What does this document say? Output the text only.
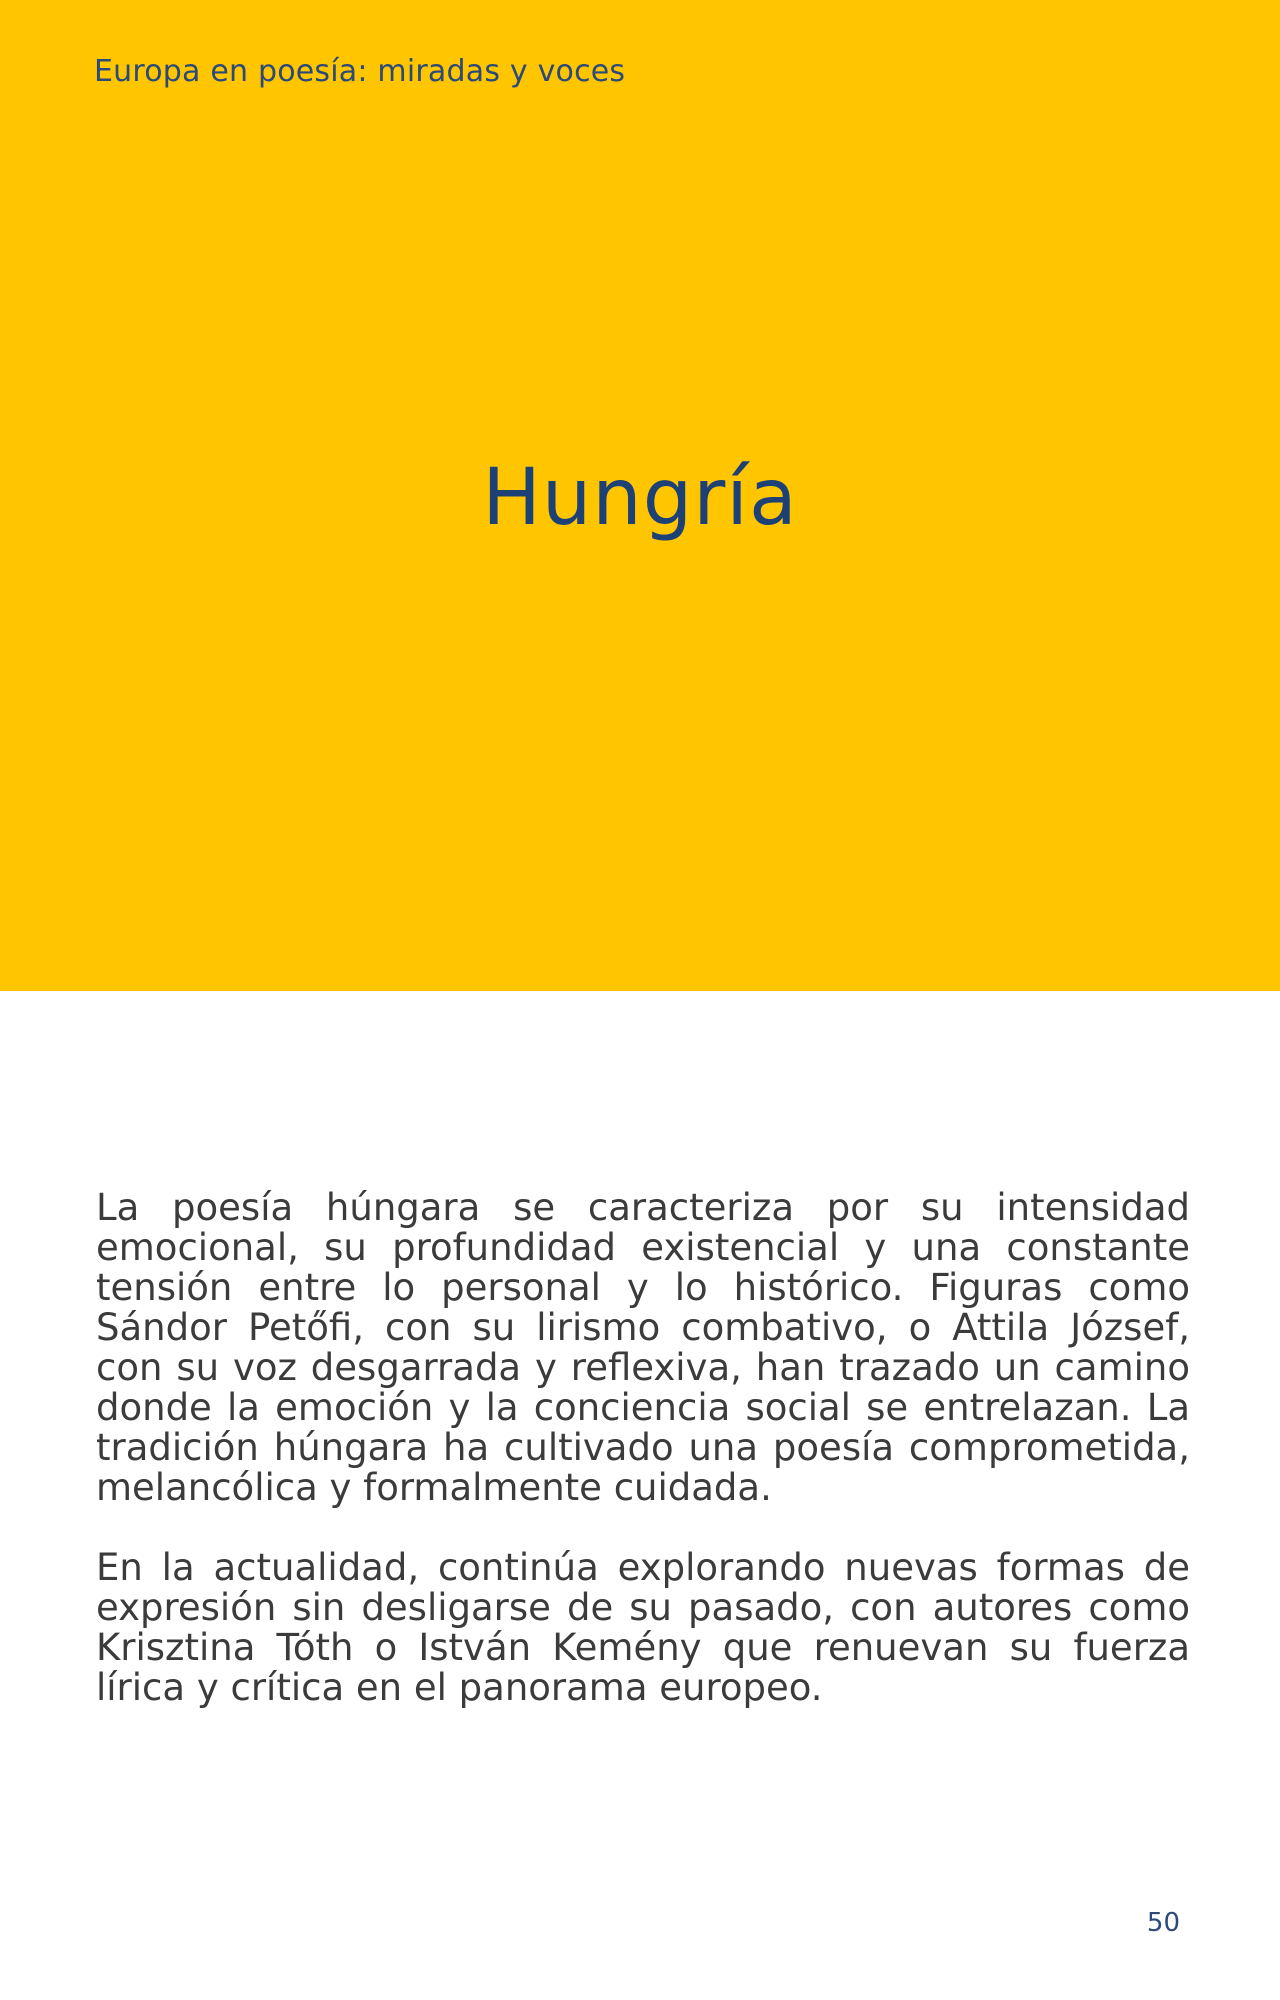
Europa en poesía: miradas y voces

Hungría

La poesía húngara se caracteriza por su intensidad emocional, su profundidad existencial y una constante tensión entre lo personal y lo histórico. Figuras como Sándor Petőfi, con su lirismo combativo, o Attila József, con su voz desgarrada y reflexiva, han trazado un camino donde la emoción y la conciencia social se entrelazan. La tradición húngara ha cultivado una poesía comprometida, melancólica y formalmente cuidada.

En la actualidad, continúa explorando nuevas formas de expresión sin desligarse de su pasado, con autores como Krisztina Tóth o István Kemény que renuevan su fuerza lírica y crítica en el panorama europeo.

50
